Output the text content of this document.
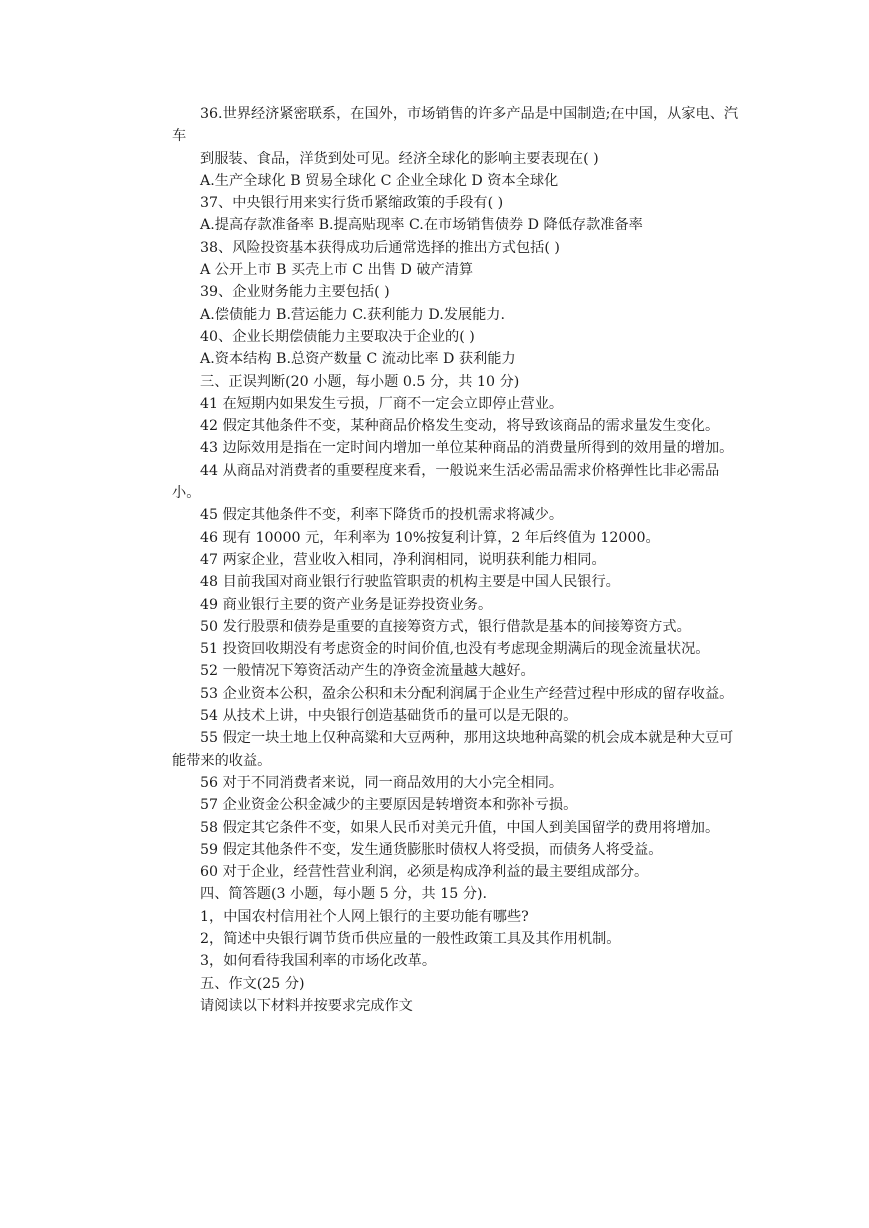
36.世界经济紧密联系，在国外，市场销售的许多产品是中国制造;在中国，从家电、汽车
到服装、食品，洋货到处可见。经济全球化的影响主要表现在( )
A.生产全球化 B 贸易全球化 C 企业全球化 D 资本全球化
37、中央银行用来实行货币紧缩政策的手段有( )
A.提高存款准备率 B.提高贴现率 C.在市场销售债券 D 降低存款准备率
38、风险投资基本获得成功后通常选择的推出方式包括( )
A 公开上市 B 买壳上市 C 出售 D 破产清算
39、企业财务能力主要包括( )
A.偿债能力 B.营运能力 C.获利能力 D.发展能力.
40、企业长期偿债能力主要取决于企业的( )
A.资本结构 B.总资产数量 C 流动比率 D 获利能力
三、正误判断(20 小题，每小题 0.5 分，共 10 分)
41 在短期内如果发生亏损，厂商不一定会立即停止营业。
42 假定其他条件不变，某种商品价格发生变动，将导致该商品的需求量发生变化。
43 边际效用是指在一定时间内增加一单位某种商品的消费量所得到的效用量的增加。
44 从商品对消费者的重要程度来看，一般说来生活必需品需求价格弹性比非必需品小。
45 假定其他条件不变，利率下降货币的投机需求将减少。
46 现有 10000 元，年利率为 10%按复利计算，2 年后终值为 12000。
47 两家企业，营业收入相同，净利润相同，说明获利能力相同。
48 目前我国对商业银行行驶监管职责的机构主要是中国人民银行。
49 商业银行主要的资产业务是证券投资业务。
50 发行股票和债券是重要的直接筹资方式，银行借款是基本的间接筹资方式。
51 投资回收期没有考虑资金的时间价值,也没有考虑现金期满后的现金流量状况。
52 一般情况下筹资活动产生的净资金流量越大越好。
53 企业资本公积，盈余公积和未分配利润属于企业生产经营过程中形成的留存收益。
54 从技术上讲，中央银行创造基础货币的量可以是无限的。
55 假定一块土地上仅种高粱和大豆两种，那用这块地种高粱的机会成本就是种大豆可能带来的收益。
56 对于不同消费者来说，同一商品效用的大小完全相同。
57 企业资金公积金减少的主要原因是转增资本和弥补亏损。
58 假定其它条件不变，如果人民币对美元升值，中国人到美国留学的费用将增加。
59 假定其他条件不变，发生通货膨胀时债权人将受损，而债务人将受益。
60 对于企业，经营性营业利润，必须是构成净利益的最主要组成部分。
四、简答题(3 小题，每小题 5 分，共 15 分).
1，中国农村信用社个人网上银行的主要功能有哪些?
2，简述中央银行调节货币供应量的一般性政策工具及其作用机制。
3，如何看待我国利率的市场化改革。
五、作文(25 分)
请阅读以下材料并按要求完成作文
